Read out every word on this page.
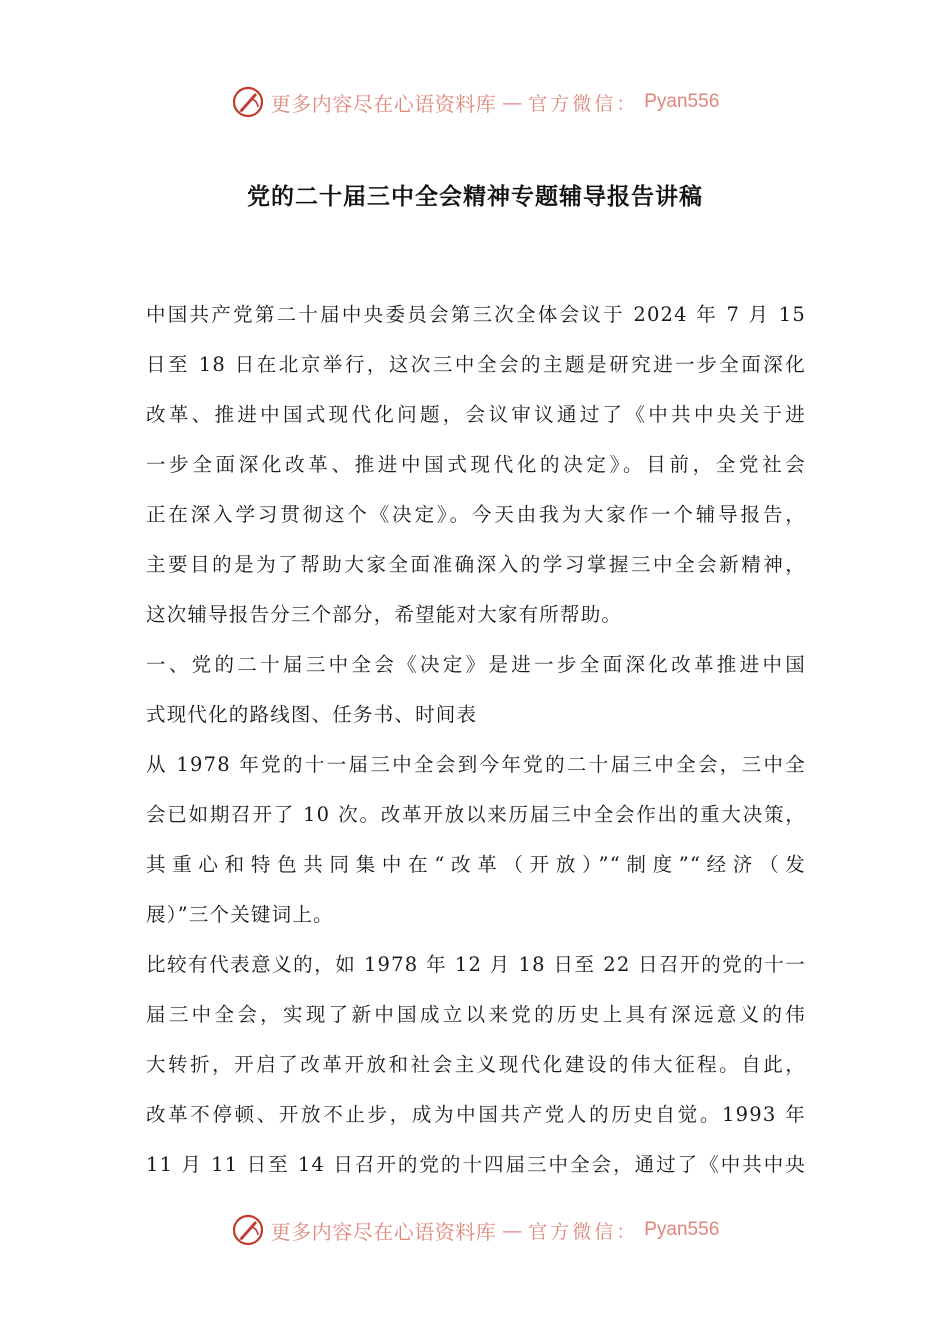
更多内容尽在心语资料库 — 官方微信： Pyan556
党的二十届三中全会精神专题辅导报告讲稿
中国共产党第二十届中央委员会第三次全体会议于 2024 年 7 月 15
日至 18 日在北京举行，这次三中全会的主题是研究进一步全面深化
改革、推进中国式现代化问题，会议审议通过了《中共中央关于进
一步全面深化改革、推进中国式现代化的决定》。目前，全党社会
正在深入学习贯彻这个《决定》。今天由我为大家作一个辅导报告，
主要目的是为了帮助大家全面准确深入的学习掌握三中全会新精神，
这次辅导报告分三个部分，希望能对大家有所帮助。
一、党的二十届三中全会《决定》是进一步全面深化改革推进中国
式现代化的路线图、任务书、时间表
从 1978 年党的十一届三中全会到今年党的二十届三中全会，三中全
会已如期召开了 10 次。改革开放以来历届三中全会作出的重大决策，
其重心和特色共同集中在“改革（开放）”“制度”“经济（发
展）”三个关键词上。
比较有代表意义的，如 1978 年 12 月 18 日至 22 日召开的党的十一
届三中全会，实现了新中国成立以来党的历史上具有深远意义的伟
大转折，开启了改革开放和社会主义现代化建设的伟大征程。自此，
改革不停顿、开放不止步，成为中国共产党人的历史自觉。1993 年
11 月 11 日至 14 日召开的党的十四届三中全会，通过了《中共中央
更多内容尽在心语资料库 — 官方微信： Pyan556
